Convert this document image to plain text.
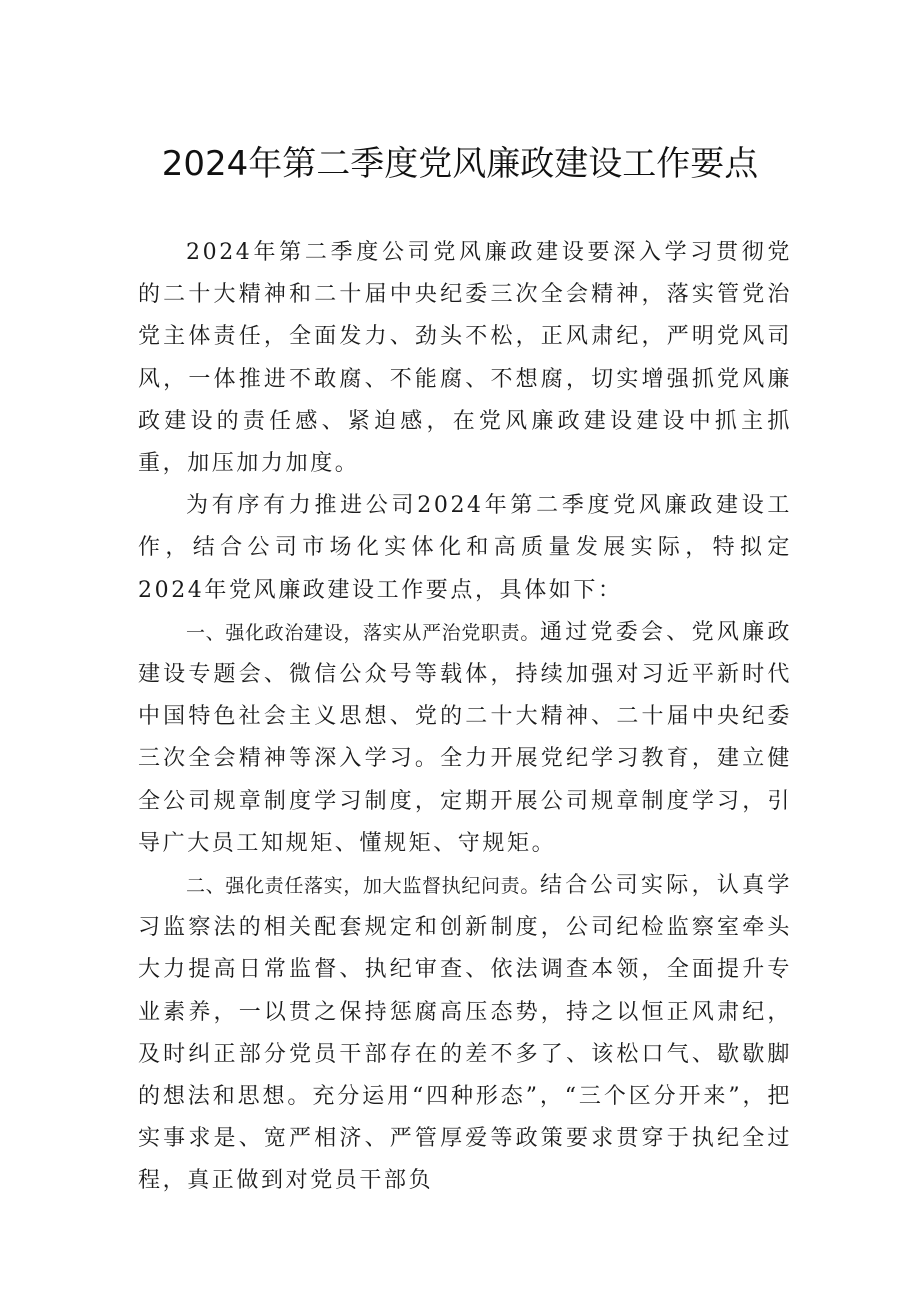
2024年第二季度党风廉政建设工作要点

2024年第二季度公司党风廉政建设要深入学习贯彻党的二十大精神和二十届中央纪委三次全会精神，落实管党治党主体责任，全面发力、劲头不松，正风肃纪，严明党风司风，一体推进不敢腐、不能腐、不想腐，切实增强抓党风廉政建设的责任感、紧迫感，在党风廉政建设建设中抓主抓重，加压加力加度。

为有序有力推进公司2024年第二季度党风廉政建设工作，结合公司市场化实体化和高质量发展实际，特拟定2024年党风廉政建设工作要点，具体如下：

一、强化政治建设，落实从严治党职责。通过党委会、党风廉政建设专题会、微信公众号等载体，持续加强对习近平新时代中国特色社会主义思想、党的二十大精神、二十届中央纪委三次全会精神等深入学习。全力开展党纪学习教育，建立健全公司规章制度学习制度，定期开展公司规章制度学习，引导广大员工知规矩、懂规矩、守规矩。

二、强化责任落实，加大监督执纪问责。结合公司实际，认真学习监察法的相关配套规定和创新制度，公司纪检监察室牵头大力提高日常监督、执纪审查、依法调查本领，全面提升专业素养，一以贯之保持惩腐高压态势，持之以恒正风肃纪，及时纠正部分党员干部存在的差不多了、该松口气、歇歇脚的想法和思想。充分运用“四种形态”，“三个区分开来”，把实事求是、宽严相济、严管厚爱等政策要求贯穿于执纪全过程，真正做到对党员干部负
